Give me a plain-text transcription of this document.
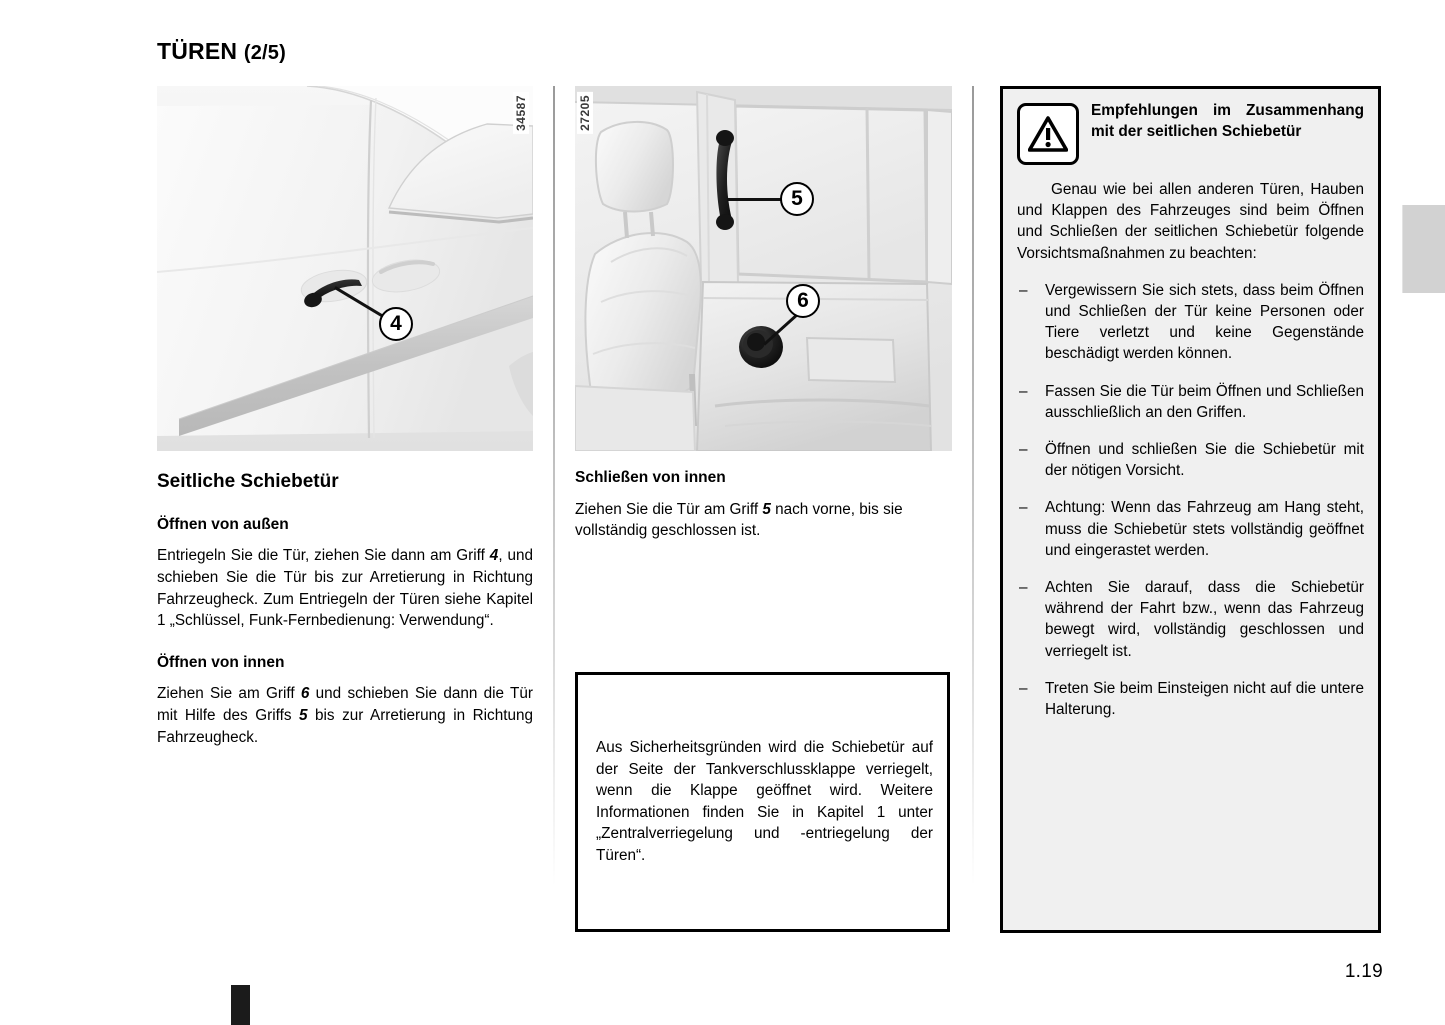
TÜREN (2/5)
34587
4
Seitliche Schiebetür
Öffnen von außen

Entriegeln Sie die Tür, ziehen Sie dann am Griff 4, und schieben Sie die Tür bis zur Arretierung in Richtung Fahrzeugheck. Zum Entriegeln der Türen siehe Kapitel 1 „Schlüssel, Funk-Fernbedienung: Verwendung“.

Öffnen von innen

Ziehen Sie am Griff 6 und schieben Sie dann die Tür mit Hilfe des Griffs 5 bis zur Arretierung in Richtung Fahrzeugheck.

27205
5
6
Schließen von innen

Ziehen Sie die Tür am Griff 5 nach vorne, bis sie vollständig geschlossen ist.

Aus Sicherheitsgründen wird die Schiebetür auf der Seite der Tankverschlussklappe verriegelt, wenn die Klappe geöffnet wird. Weitere Informationen finden Sie in Kapitel 1 unter „Zentralverriegelung und -entriegelung der Türen“.

Empfehlungen im Zusammenhang mit der seitlichen Schiebetür

Genau wie bei allen anderen Türen, Hauben und Klappen des Fahrzeuges sind beim Öffnen und Schließen der seitlichen Schiebetür folgende Vorsichtsmaßnahmen zu beachten:

– Vergewissern Sie sich stets, dass beim Öffnen und Schließen der Tür keine Personen oder Tiere verletzt und keine Gegenstände beschädigt werden können.
– Fassen Sie die Tür beim Öffnen und Schließen ausschließlich an den Griffen.
– Öffnen und schließen Sie die Schiebetür mit der nötigen Vorsicht.
– Achtung: Wenn das Fahrzeug am Hang steht, muss die Schiebetür stets vollständig geöffnet und eingerastet werden.
– Achten Sie darauf, dass die Schiebetür während der Fahrt bzw., wenn das Fahrzeug bewegt wird, vollständig geschlossen und verriegelt ist.
– Treten Sie beim Einsteigen nicht auf die untere Halterung.
1.19
